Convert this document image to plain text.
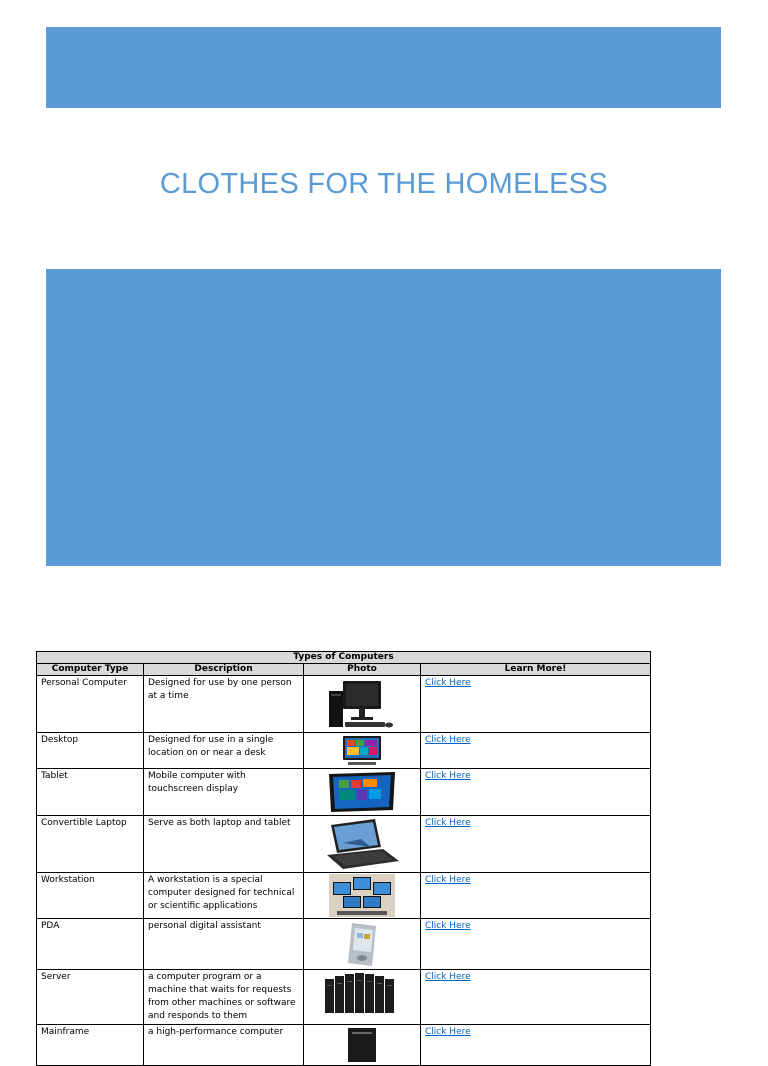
CLOTHES FOR THE HOMELESS
Types of Computers			
Computer Type	Description	Photo	Learn More!
Personal Computer	Designed for use by one person at a time		Click Here
Desktop	Designed for use in a single location on or near a desk		Click Here
Tablet	Mobile computer with touchscreen display		Click Here
Convertible Laptop	Serve as both laptop and tablet		Click Here
Workstation	A workstation is a special computer designed for technical or scientific applications		Click Here
PDA	personal digital assistant		Click Here
Server	a computer program or a machine that waits for requests from other machines or software and responds to them		Click Here
Mainframe	a high-performance computer		Click Here
